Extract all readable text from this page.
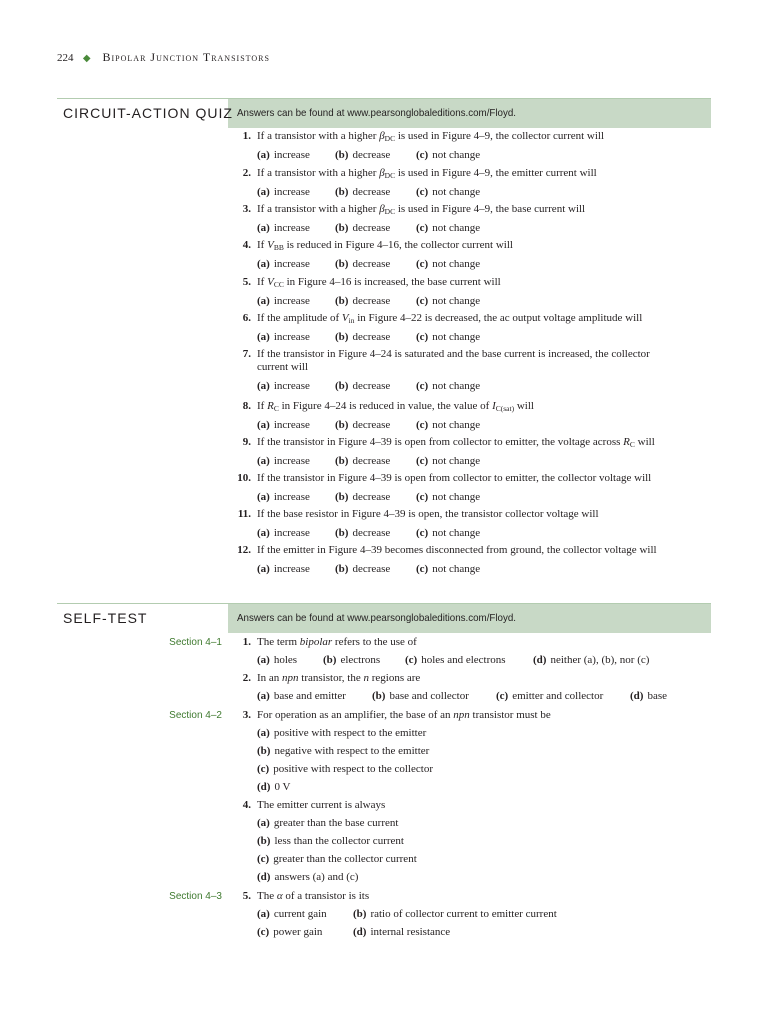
224 ◆ Bipolar Junction Transistors
CIRCUIT-ACTION QUIZ Answers can be found at www.pearsonglobaleditions.com/Floyd.
1. If a transistor with a higher $\beta_{DC}$ is used in Figure 4–9, the collector current will
(a) increase (b) decrease (c) not change
2. If a transistor with a higher $\beta_{DC}$ is used in Figure 4–9, the emitter current will
(a) increase (b) decrease (c) not change
3. If a transistor with a higher $\beta_{DC}$ is used in Figure 4–9, the base current will
(a) increase (b) decrease (c) not change
4. If $V_{BB}$ is reduced in Figure 4–16, the collector current will
(a) increase (b) decrease (c) not change
5. If $V_{CC}$ in Figure 4–16 is increased, the base current will
(a) increase (b) decrease (c) not change
6. If the amplitude of $V_{in}$ in Figure 4–22 is decreased, the ac output voltage amplitude will
(a) increase (b) decrease (c) not change
7. If the transistor in Figure 4–24 is saturated and the base current is increased, the collector
current will
(a) increase (b) decrease (c) not change
8. If $R_C$ in Figure 4–24 is reduced in value, the value of $I_{C(sat)}$ will
(a) increase (b) decrease (c) not change
9. If the transistor in Figure 4–39 is open from collector to emitter, the voltage across $R_C$ will
(a) increase (b) decrease (c) not change
10. If the transistor in Figure 4–39 is open from collector to emitter, the collector voltage will
(a) increase (b) decrease (c) not change
11. If the base resistor in Figure 4–39 is open, the transistor collector voltage will
(a) increase (b) decrease (c) not change
12. If the emitter in Figure 4–39 becomes disconnected from ground, the collector voltage will
(a) increase (b) decrease (c) not change
SELF-TEST	Answers can be found at www.pearsonglobaleditions.com/Floyd.
Section 4–1	1. The term bipolar refers to the use of
(a) holes (b) electrons (c) holes and electrons (d) neither (a), (b), nor (c)
2. In an npn transistor, the n regions are
(a) base and emitter (b) base and collector (c) emitter and collector (d) base
Section 4–2	3. For operation as an amplifier, the base of an npn transistor must be
(a) positive with respect to the emitter
(b) negative with respect to the emitter
(c) positive with respect to the collector
(d) 0 V
4. The emitter current is always
(a) greater than the base current
(b) less than the collector current
(c) greater than the collector current
(d) answers (a) and (c)
Section 4–3	5. The α of a transistor is its
(a) current gain (b) ratio of collector current to emitter current
(c) power gain	(d) internal resistance
